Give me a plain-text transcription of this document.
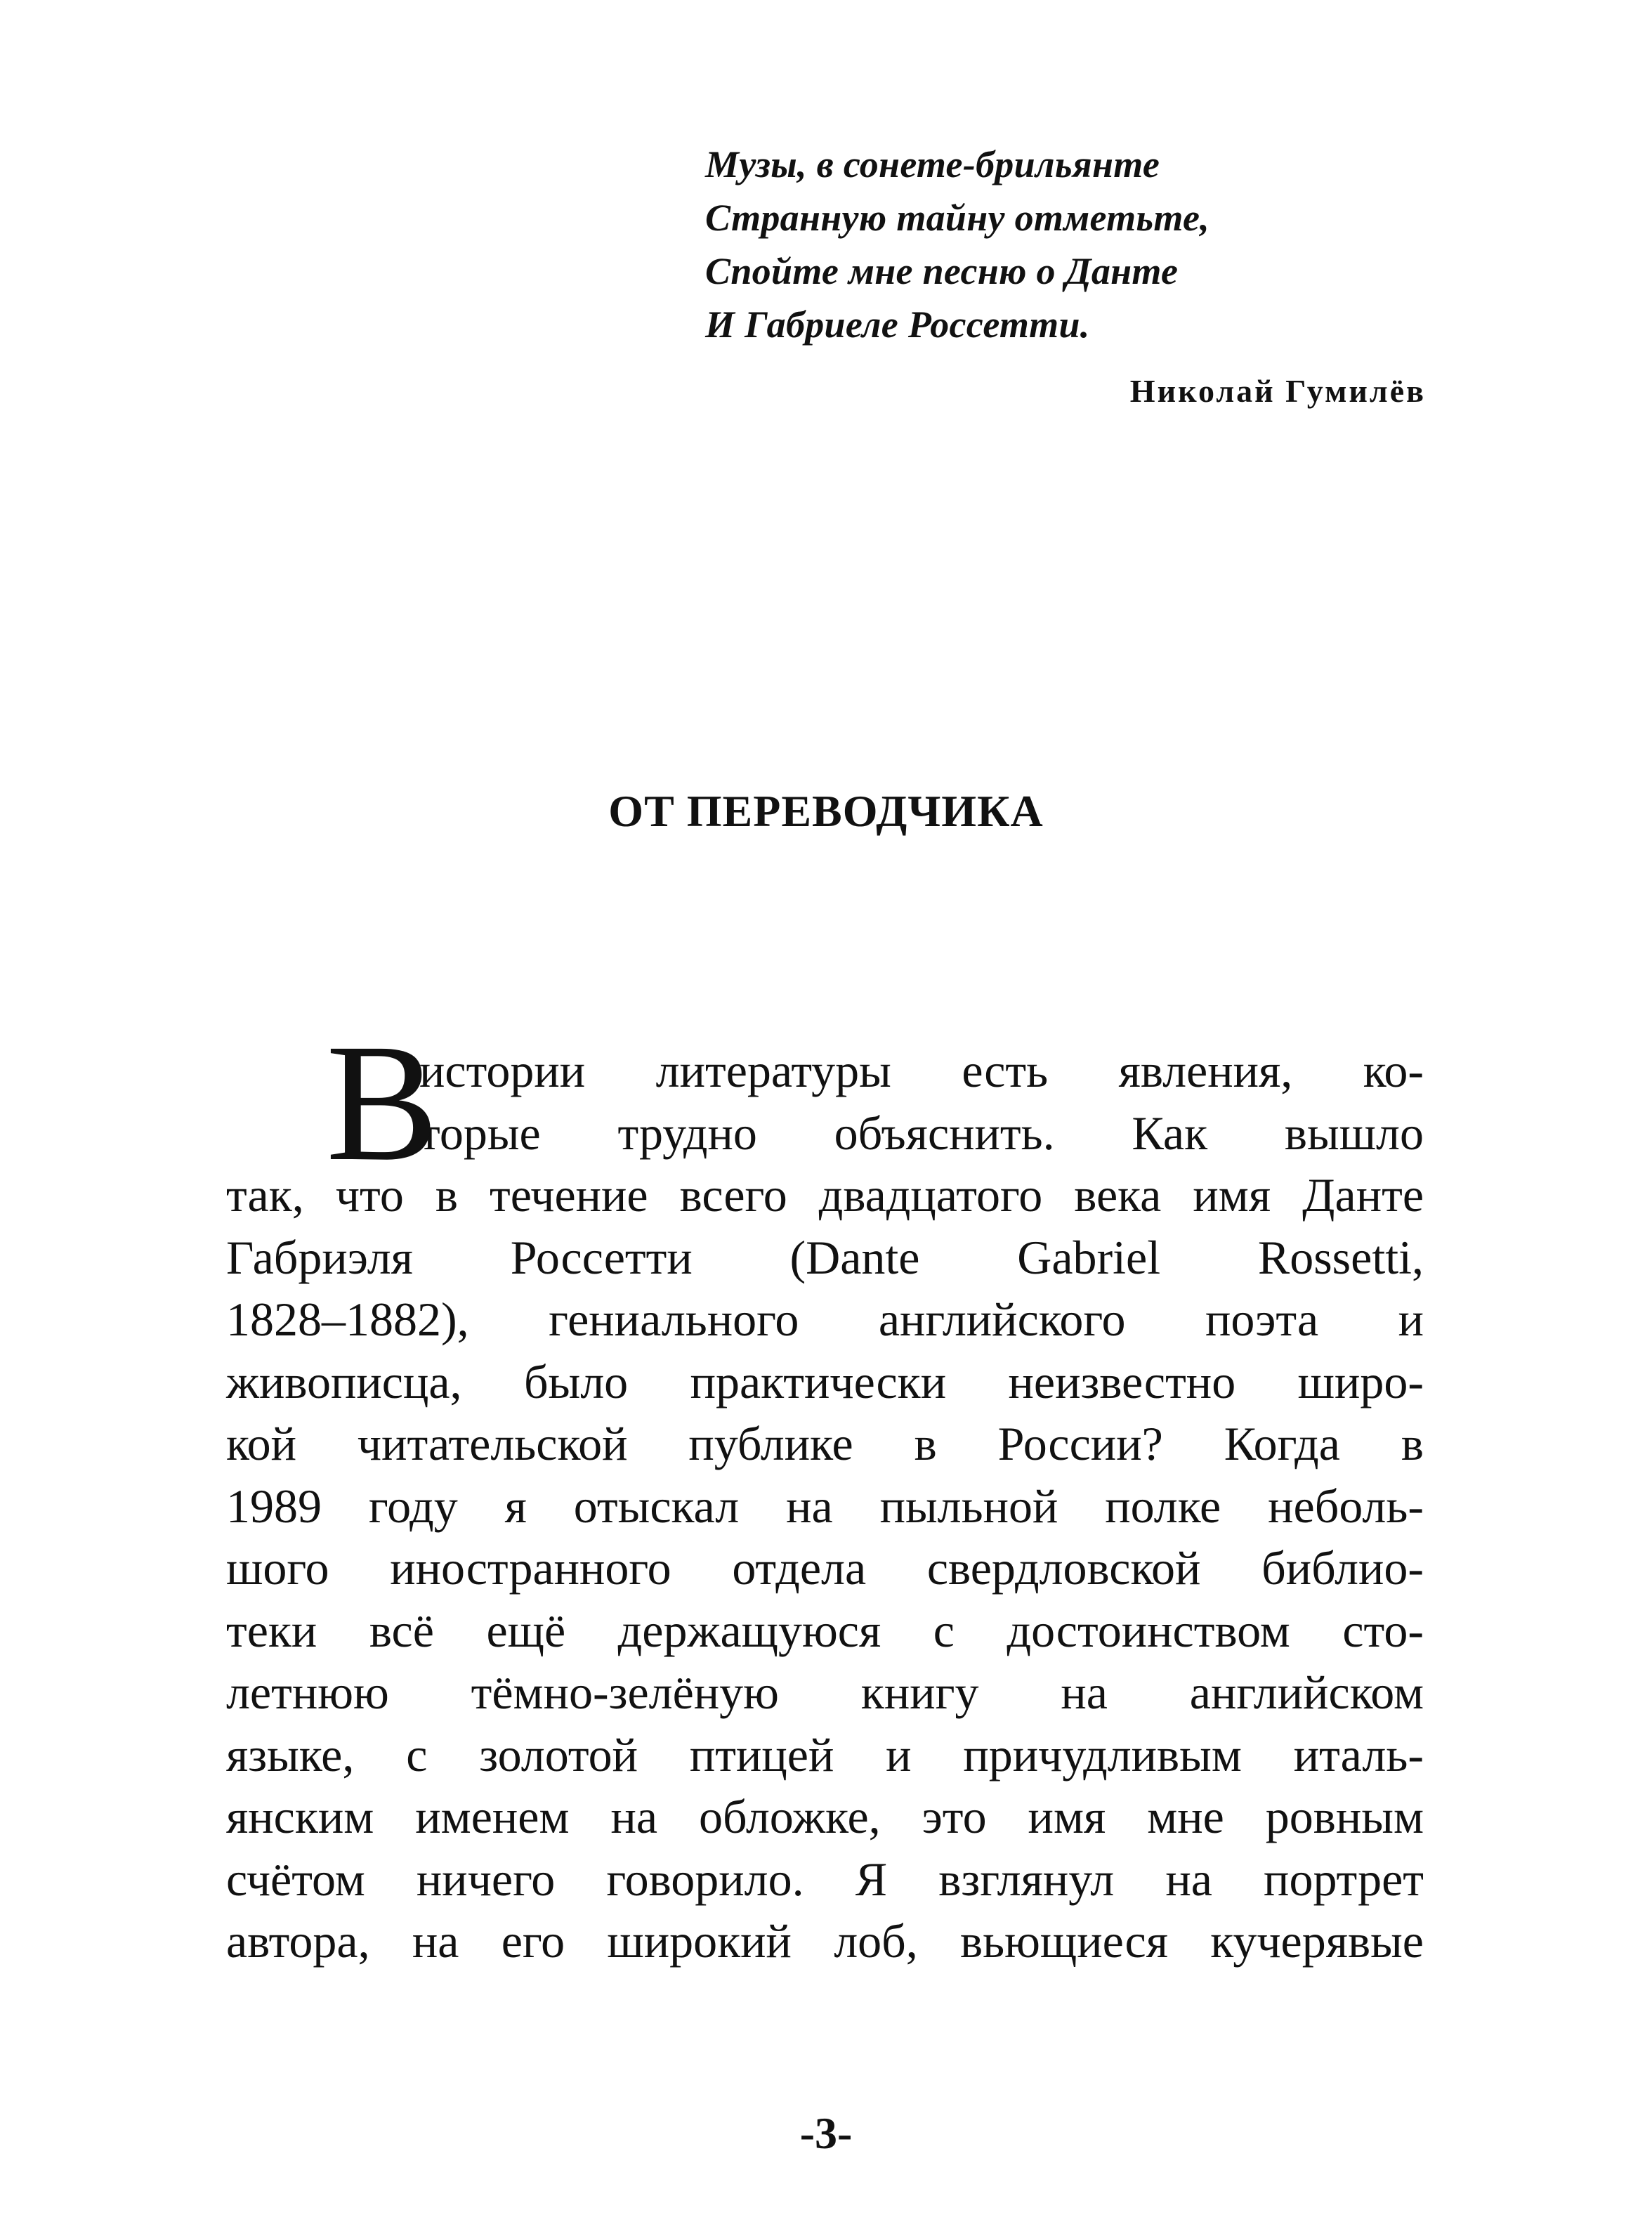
Музы, в сонете-брильянте
Странную тайну отметьте,
Спойте мне песню о Данте
И Габриеле Россетти.
Николай Гумилёв
ОТ ПЕРЕВОДЧИКА
В
истории литературы есть явления, ко-
торые трудно объяснить. Как вышло
так, что в течение всего двадцатого века имя Данте
Габриэля Россетти (Dante Gabriel Rossetti,
1828–1882), гениального английского поэта и
живописца, было практически неизвестно широ-
кой читательской публике в России? Когда в
1989 году я отыскал на пыльной полке неболь-
шого иностранного отдела свердловской библио-
теки всё ещё держащуюся с достоинством сто-
летнюю тёмно-зелёную книгу на английском
языке, с золотой птицей и причудливым италь-
янским именем на обложке, это имя мне ровным
счётом ничего говорило. Я взглянул на портрет
автора, на его широкий лоб, вьющиеся кучерявые
-3-
